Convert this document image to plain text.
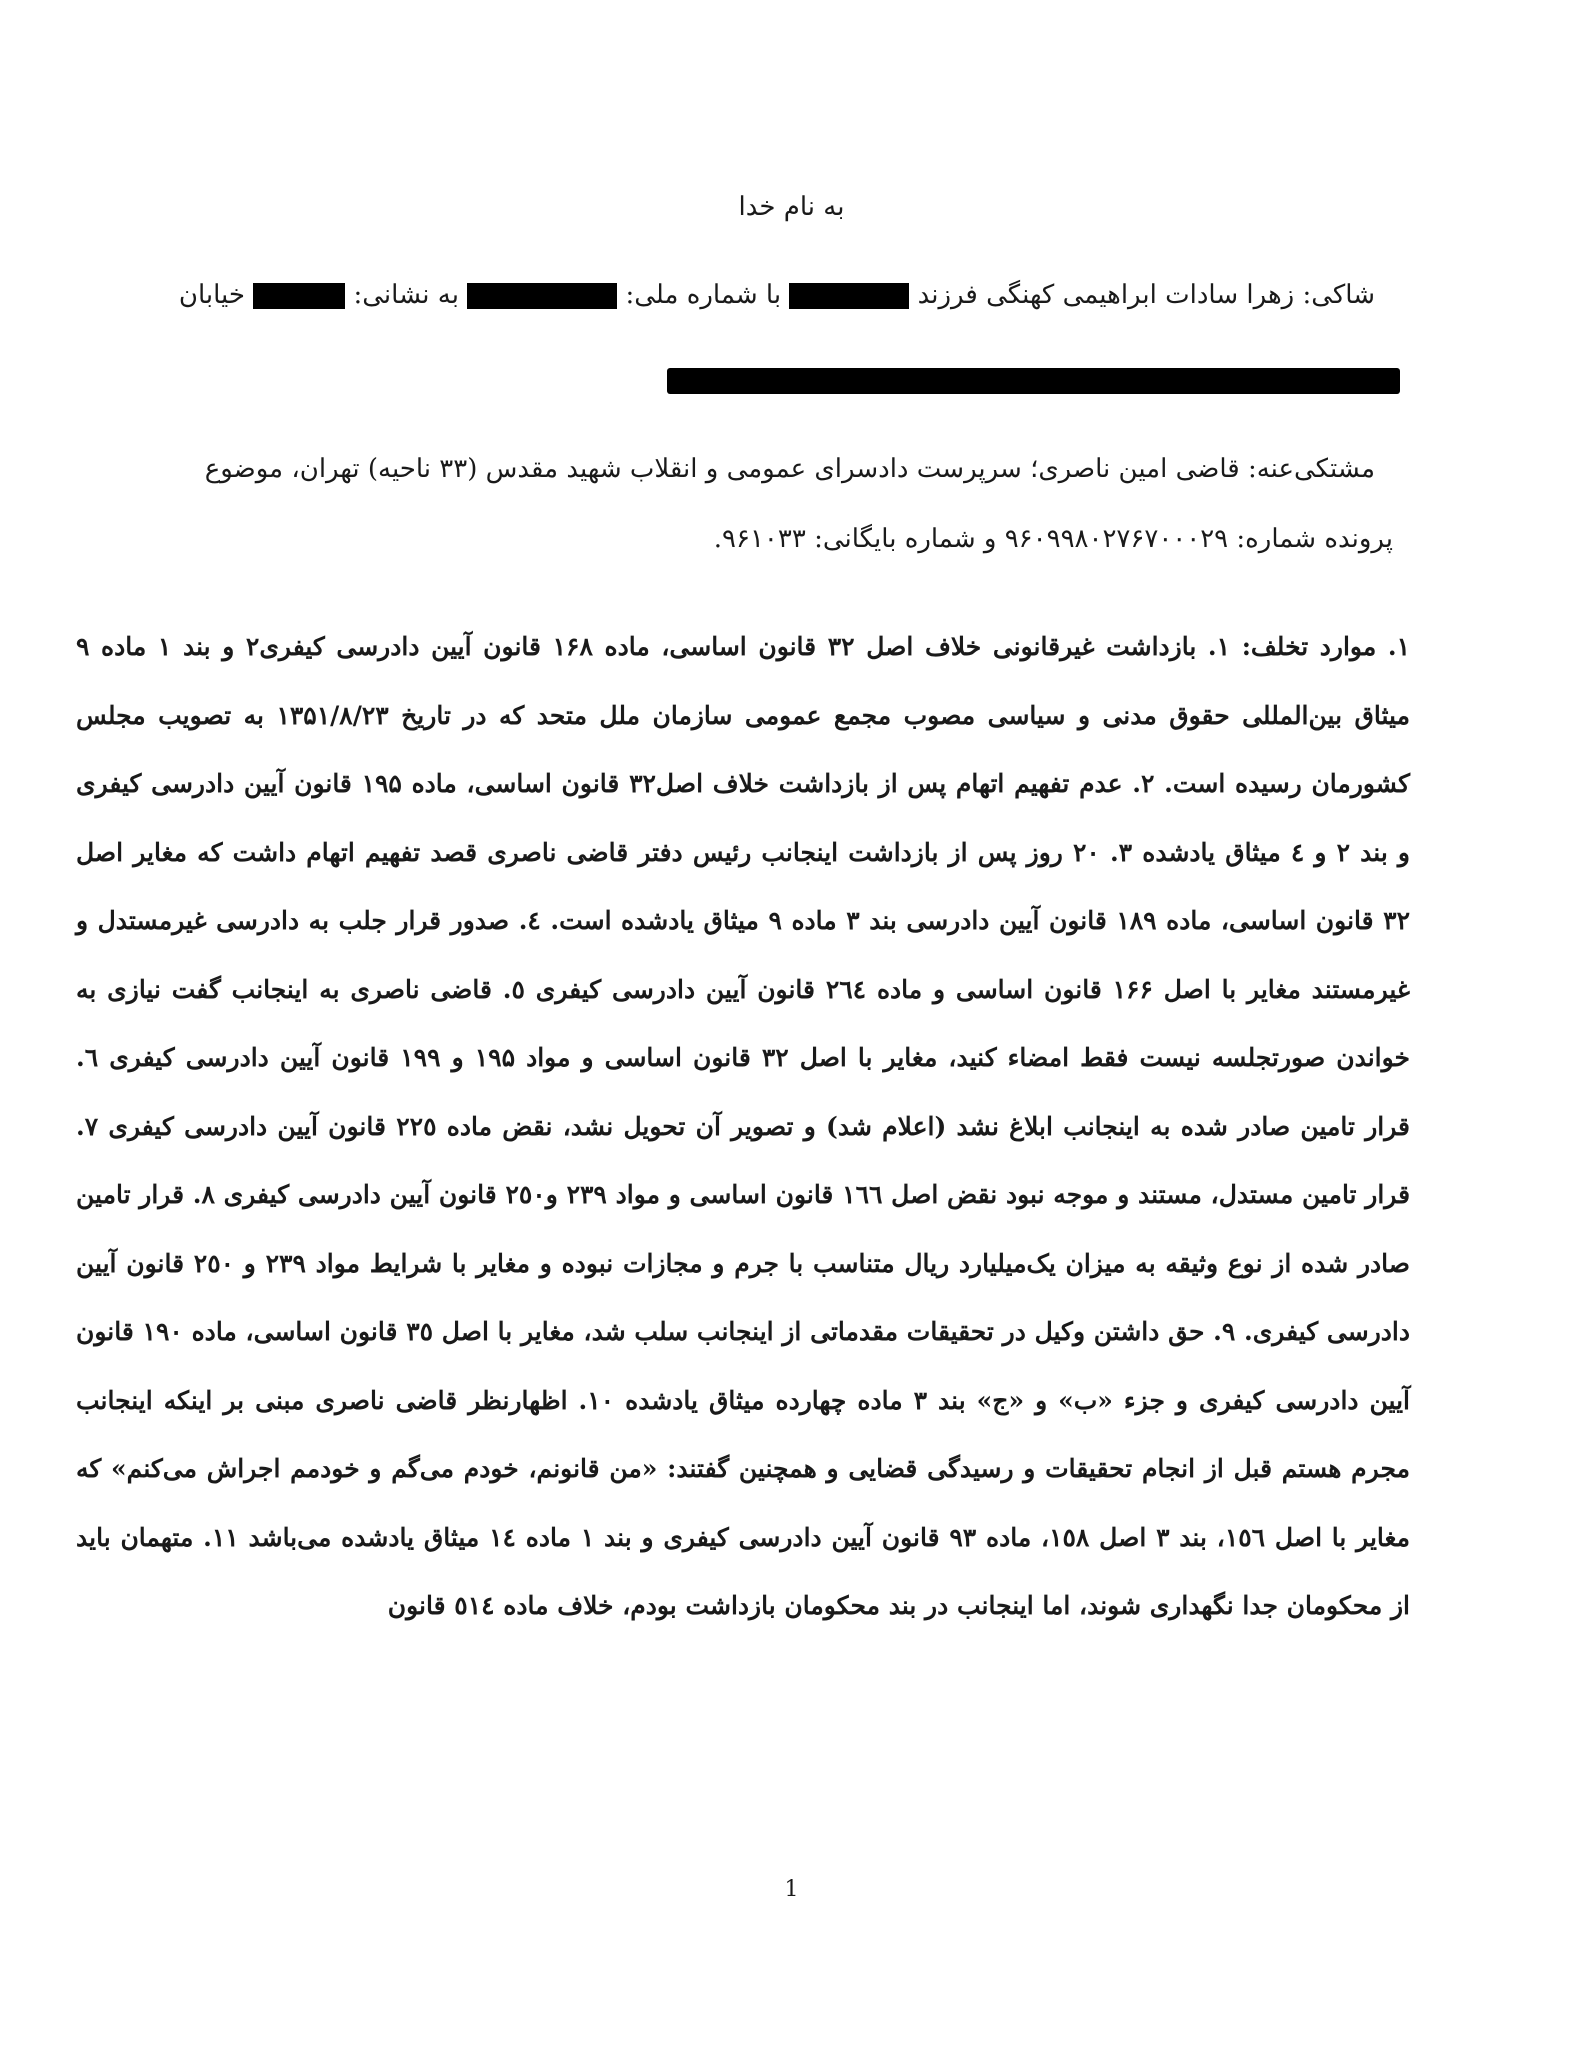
به نام خدا
شاکی: زهرا سادات ابراهیمی کهنگی فرزند  با شماره ملی:  به نشانی:  خیابان
مشتکی‌عنه: قاضی امین ناصری؛ سرپرست دادسرای عمومی و انقلاب شهید مقدس (۳۳ ناحیه) تهران، موضوع
پرونده شماره: ۹۶۰۹۹۸۰۲۷۶۷۰۰۰۲۹ و شماره بایگانی: ۹۶۱۰۳۳.
۱. موارد تخلف: ۱. بازداشت غیرقانونی خلاف اصل ۳۲ قانون اساسی، ماده ۱۶۸ قانون آیین دادرسی کیفری۲ و بند ۱ ماده ۹ میثاق بین‌المللی حقوق مدنی و سیاسی مصوب مجمع عمومی سازمان ملل متحد که در تاریخ ۱۳۵۱/۸/۲۳ به تصویب مجلس کشورمان رسیده است. ۲. عدم تفهیم اتهام پس از بازداشت خلاف اصل۳۲ قانون اساسی، ماده ۱۹۵ قانون آیین دادرسی کیفری و بند ۲ و ٤ میثاق یادشده ۳. ۲۰ روز پس از بازداشت اینجانب رئیس دفتر قاضی ناصری قصد تفهیم اتهام داشت که مغایر اصل ۳۲ قانون اساسی، ماده ۱۸۹ قانون آیین دادرسی بند ۳ ماده ۹ میثاق یادشده است. ٤. صدور قرار جلب به دادرسی غیرمستدل و غیرمستند مغایر با اصل ۱۶۶ قانون اساسی و ماده ۲٦٤ قانون آیین دادرسی کیفری ٥. قاضی ناصری به اینجانب گفت نیازی به خواندن صورتجلسه نیست فقط امضاء کنید، مغایر با اصل ۳۲ قانون اساسی و مواد ۱۹۵ و ۱۹۹ قانون آیین دادرسی کیفری ٦. قرار تامین صادر شده به اینجانب ابلاغ نشد (اعلام شد) و تصویر آن تحویل نشد، نقض ماده ۲۲٥ قانون آیین دادرسی کیفری ۷. قرار تامین مستدل، مستند و موجه نبود نقض اصل ۱٦٦ قانون اساسی و مواد ۲۳۹ و۲٥۰ قانون آیین دادرسی کیفری ۸. قرار تامین صادر شده از نوع وثیقه به میزان یک‌میلیارد ریال متناسب با جرم و مجازات نبوده و مغایر با شرایط مواد ۲۳۹ و ۲٥۰ قانون آیین دادرسی کیفری. ۹. حق داشتن وکیل در تحقیقات مقدماتی از اینجانب سلب شد، مغایر با اصل ۳٥ قانون اساسی، ماده ۱۹۰ قانون آیین دادرسی کیفری و جزء «ب» و «ج» بند ۳ ماده چهارده میثاق یادشده ۱۰. اظهارنظر قاضی ناصری مبنی بر اینکه اینجانب مجرم هستم قبل از انجام تحقیقات و رسیدگی قضایی و همچنین گفتند: «من قانونم، خودم می‌گم و خودمم اجراش می‌کنم» که مغایر با اصل ۱٥٦، بند ۳ اصل ۱٥۸، ماده ۹۳ قانون آیین دادرسی کیفری و بند ۱ ماده ۱٤ میثاق یادشده می‌باشد ۱۱. متهمان باید از محکومان جدا نگهداری شوند، اما اینجانب در بند محکومان بازداشت بودم، خلاف ماده ٥۱٤ قانون
1
